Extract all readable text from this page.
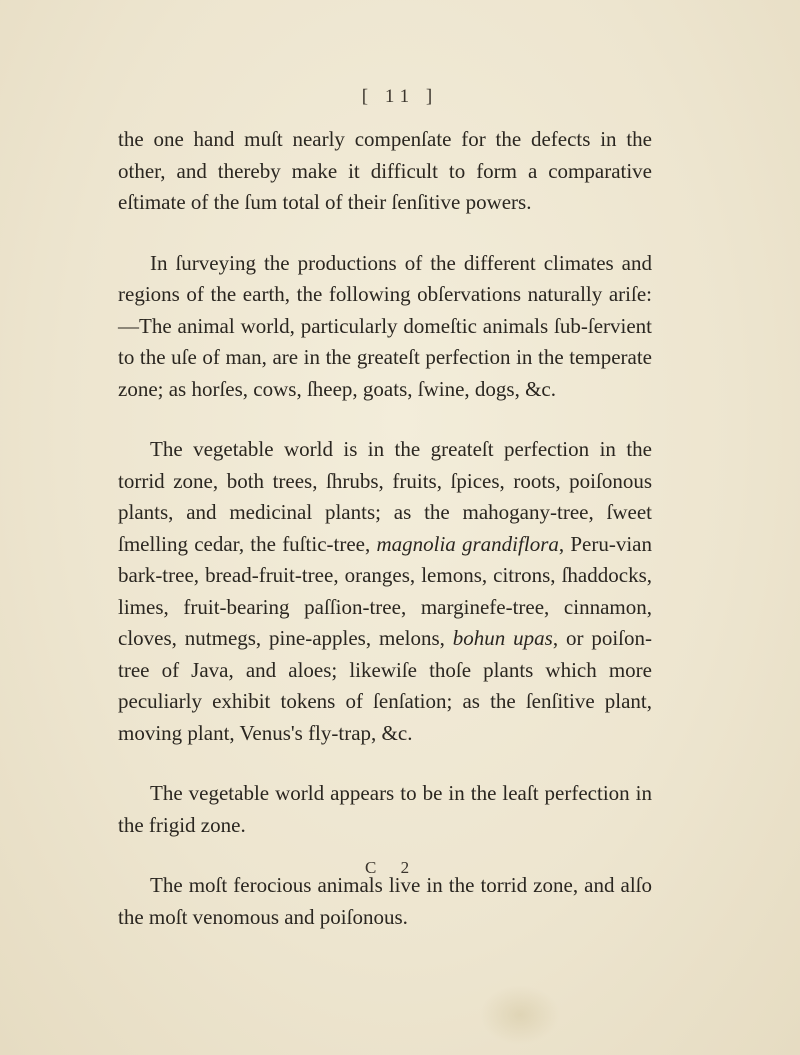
[ 11 ]

the one hand muſt nearly compenſate for the defects in the other, and thereby make it difficult to form a comparative eſtimate of the ſum total of their ſenſitive powers.

In ſurveying the productions of the different climates and regions of the earth, the following obſervations naturally ariſe:—The animal world, particularly domeſtic animals ſub-ſervient to the uſe of man, are in the greateſt perfection in the temperate zone; as horſes, cows, ſheep, goats, ſwine, dogs, &c.

The vegetable world is in the greateſt perfection in the torrid zone, both trees, ſhrubs, fruits, ſpices, roots, poiſonous plants, and medicinal plants; as the mahogany-tree, ſweet ſmelling cedar, the fuſtic-tree, magnolia grandiflora, Peru-vian bark-tree, bread-fruit-tree, oranges, lemons, citrons, ſhaddocks, limes, fruit-bearing paſſion-tree, marginefe-tree, cinnamon, cloves, nutmegs, pine-apples, melons, bohun upas, or poiſon-tree of Java, and aloes; likewiſe thoſe plants which more peculiarly exhibit tokens of ſenſation; as the ſenſitive plant, moving plant, Venus's fly-trap, &c.

The vegetable world appears to be in the leaſt perfection in the frigid zone.

The moſt ferocious animals live in the torrid zone, and alſo the moſt venomous and poiſonous.

C 2
